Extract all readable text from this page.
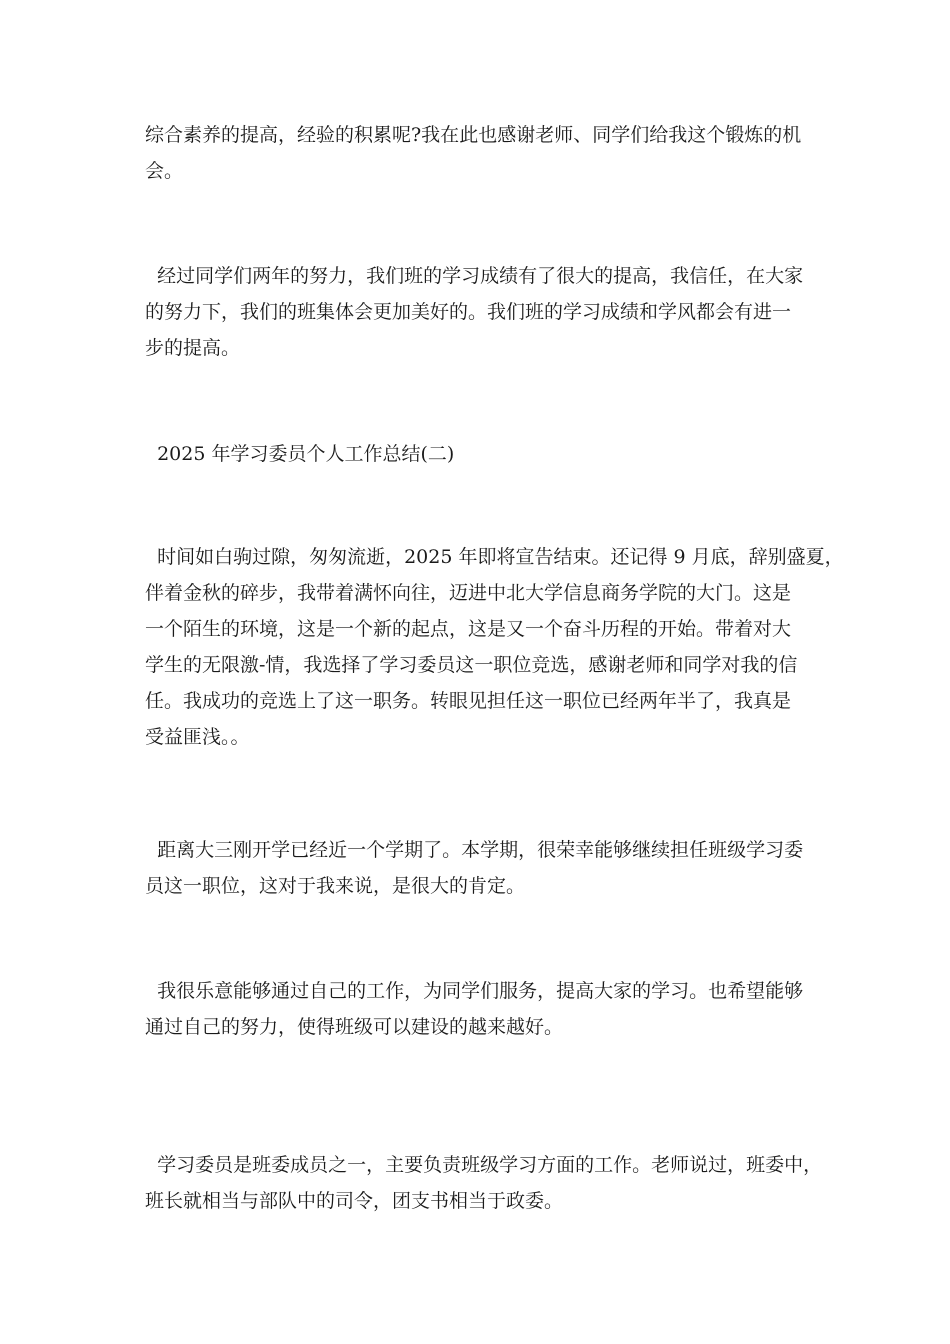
综合素养的提高，经验的积累呢?我在此也感谢老师、同学们给我这个锻炼的机
会。
经过同学们两年的努力，我们班的学习成绩有了很大的提高，我信任，在大家
的努力下，我们的班集体会更加美好的。我们班的学习成绩和学风都会有进一
步的提高。
2025 年学习委员个人工作总结(二)
时间如白驹过隙，匆匆流逝，2025 年即将宣告结束。还记得 9 月底，辞别盛夏，
伴着金秋的碎步，我带着满怀向往，迈进中北大学信息商务学院的大门。这是
一个陌生的环境，这是一个新的起点，这是又一个奋斗历程的开始。带着对大
学生的无限激-情，我选择了学习委员这一职位竞选，感谢老师和同学对我的信
任。我成功的竞选上了这一职务。转眼见担任这一职位已经两年半了，我真是
受益匪浅。。
距离大三刚开学已经近一个学期了。本学期，很荣幸能够继续担任班级学习委
员这一职位，这对于我来说，是很大的肯定。
我很乐意能够通过自己的工作，为同学们服务，提高大家的学习。也希望能够
通过自己的努力，使得班级可以建设的越来越好。
学习委员是班委成员之一，主要负责班级学习方面的工作。老师说过，班委中，
班长就相当与部队中的司令，团支书相当于政委。
